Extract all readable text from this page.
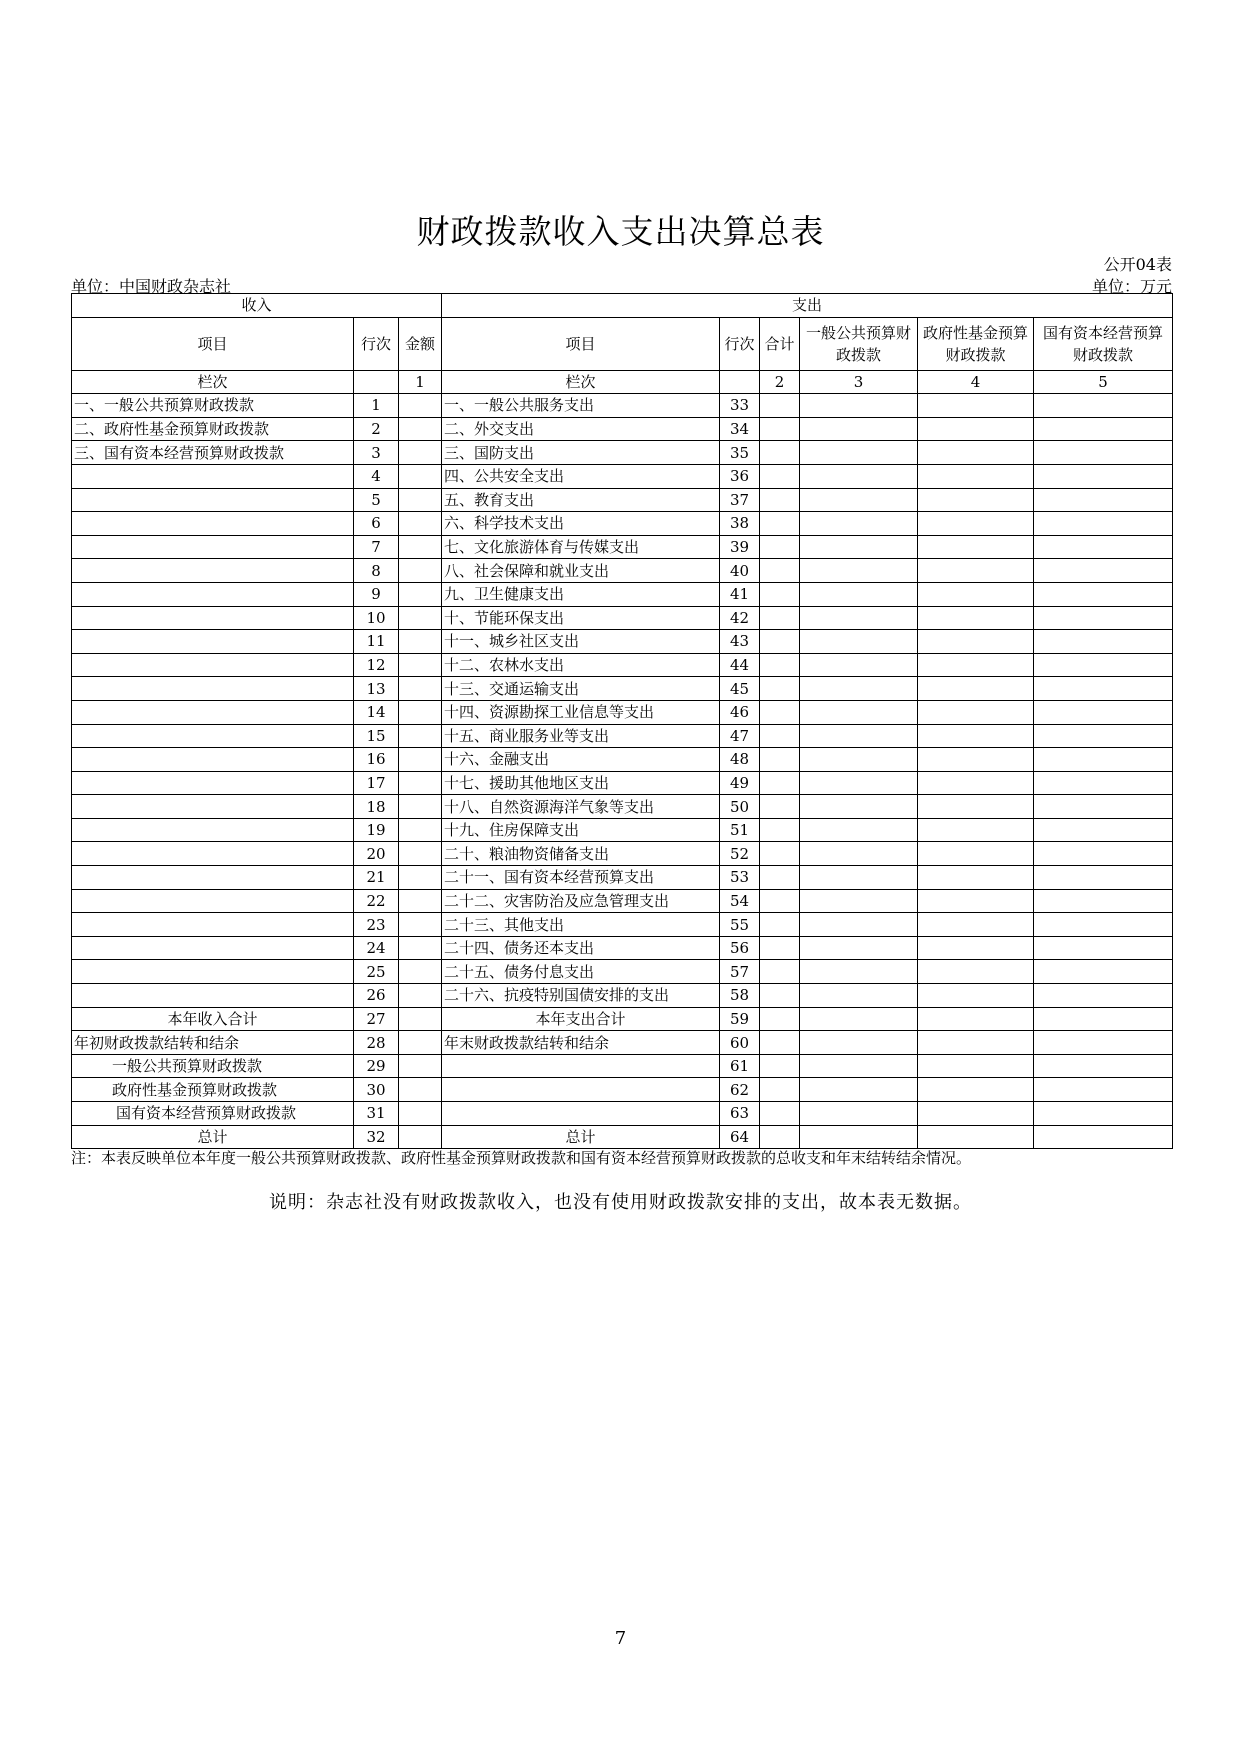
财政拨款收入支出决算总表
公开04表
单位：中国财政杂志社	单位：万元
收入			支出					
项目	行次	金额	项目	行次	合计	一般公共预算财政拨款	政府性基金预算财政拨款	国有资本经营预算财政拨款
栏次		1	栏次		2	3	4	5
一、一般公共预算财政拨款	1		一、一般公共服务支出	33				
二、政府性基金预算财政拨款	2		二、外交支出	34				
三、国有资本经营预算财政拨款	3		三、国防支出	35				
	4		四、公共安全支出	36				
	5		五、教育支出	37				
	6		六、科学技术支出	38				
	7		七、文化旅游体育与传媒支出	39				
	8		八、社会保障和就业支出	40				
	9		九、卫生健康支出	41				
	10		十、节能环保支出	42				
	11		十一、城乡社区支出	43				
	12		十二、农林水支出	44				
	13		十三、交通运输支出	45				
	14		十四、资源勘探工业信息等支出	46				
	15		十五、商业服务业等支出	47				
	16		十六、金融支出	48				
	17		十七、援助其他地区支出	49				
	18		十八、自然资源海洋气象等支出	50				
	19		十九、住房保障支出	51				
	20		二十、粮油物资储备支出	52				
	21		二十一、国有资本经营预算支出	53				
	22		二十二、灾害防治及应急管理支出	54				
	23		二十三、其他支出	55				
	24		二十四、债务还本支出	56				
	25		二十五、债务付息支出	57				
	26		二十六、抗疫特别国债安排的支出	58				
本年收入合计	27		本年支出合计	59				
年初财政拨款结转和结余	28		年末财政拨款结转和结余	60				
一般公共预算财政拨款	29			61				
政府性基金预算财政拨款	30			62				
国有资本经营预算财政拨款	31			63				
总计	32		总计	64				
注：本表反映单位本年度一般公共预算财政拨款、政府性基金预算财政拨款和国有资本经营预算财政拨款的总收支和年末结转结余情况。
说明：杂志社没有财政拨款收入，也没有使用财政拨款安排的支出，故本表无数据。
7
